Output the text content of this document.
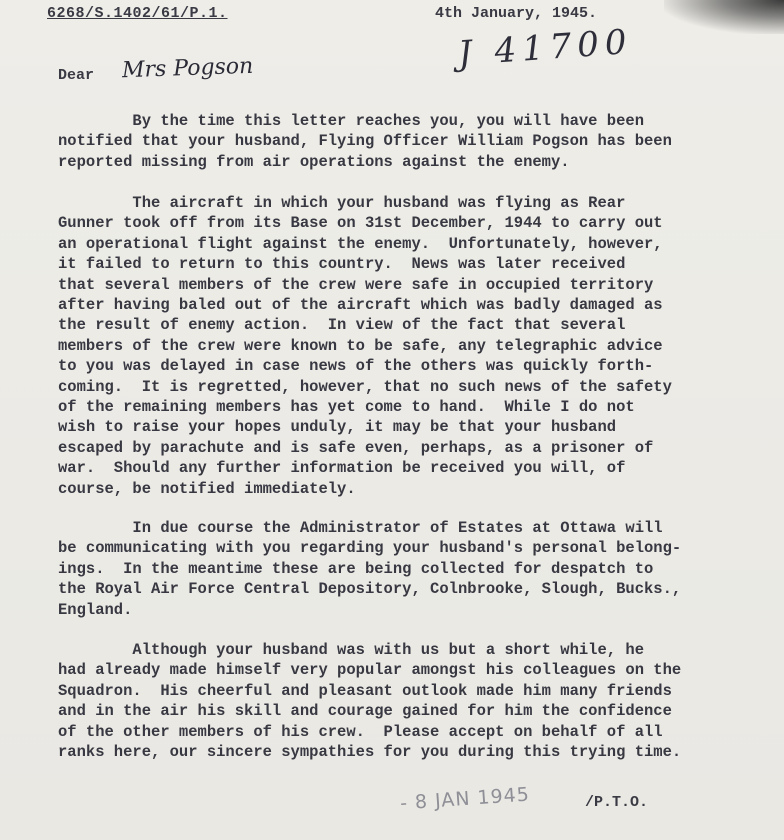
6268/S.1402/61/P.1.	4th January, 1945.
J 41700
Dear Mrs Pogson

By the time this letter reaches you, you will have been
notified that your husband, Flying Officer William Pogson has been
reported missing from air operations against the enemy.

The aircraft in which your husband was flying as Rear
Gunner took off from its Base on 31st December, 1944 to carry out
an operational flight against the enemy.  Unfortunately, however,
it failed to return to this country.  News was later received
that several members of the crew were safe in occupied territory
after having baled out of the aircraft which was badly damaged as
the result of enemy action.  In view of the fact that several
members of the crew were known to be safe, any telegraphic advice
to you was delayed in case news of the others was quickly forth-
coming.  It is regretted, however, that no such news of the safety
of the remaining members has yet come to hand.  While I do not
wish to raise your hopes unduly, it may be that your husband
escaped by parachute and is safe even, perhaps, as a prisoner of
war.  Should any further information be received you will, of
course, be notified immediately.

In due course the Administrator of Estates at Ottawa will
be communicating with you regarding your husband's personal belong-
ings.  In the meantime these are being collected for despatch to
the Royal Air Force Central Depository, Colnbrooke, Slough, Bucks.,
England.

Although your husband was with us but a short while, he
had already made himself very popular amongst his colleagues on the
Squadron.  His cheerful and pleasant outlook made him many friends
and in the air his skill and courage gained for him the confidence
of the other members of his crew.  Please accept on behalf of all
ranks here, our sincere sympathies for you during this trying time.

- 8 JAN 1945	/P.T.O.
